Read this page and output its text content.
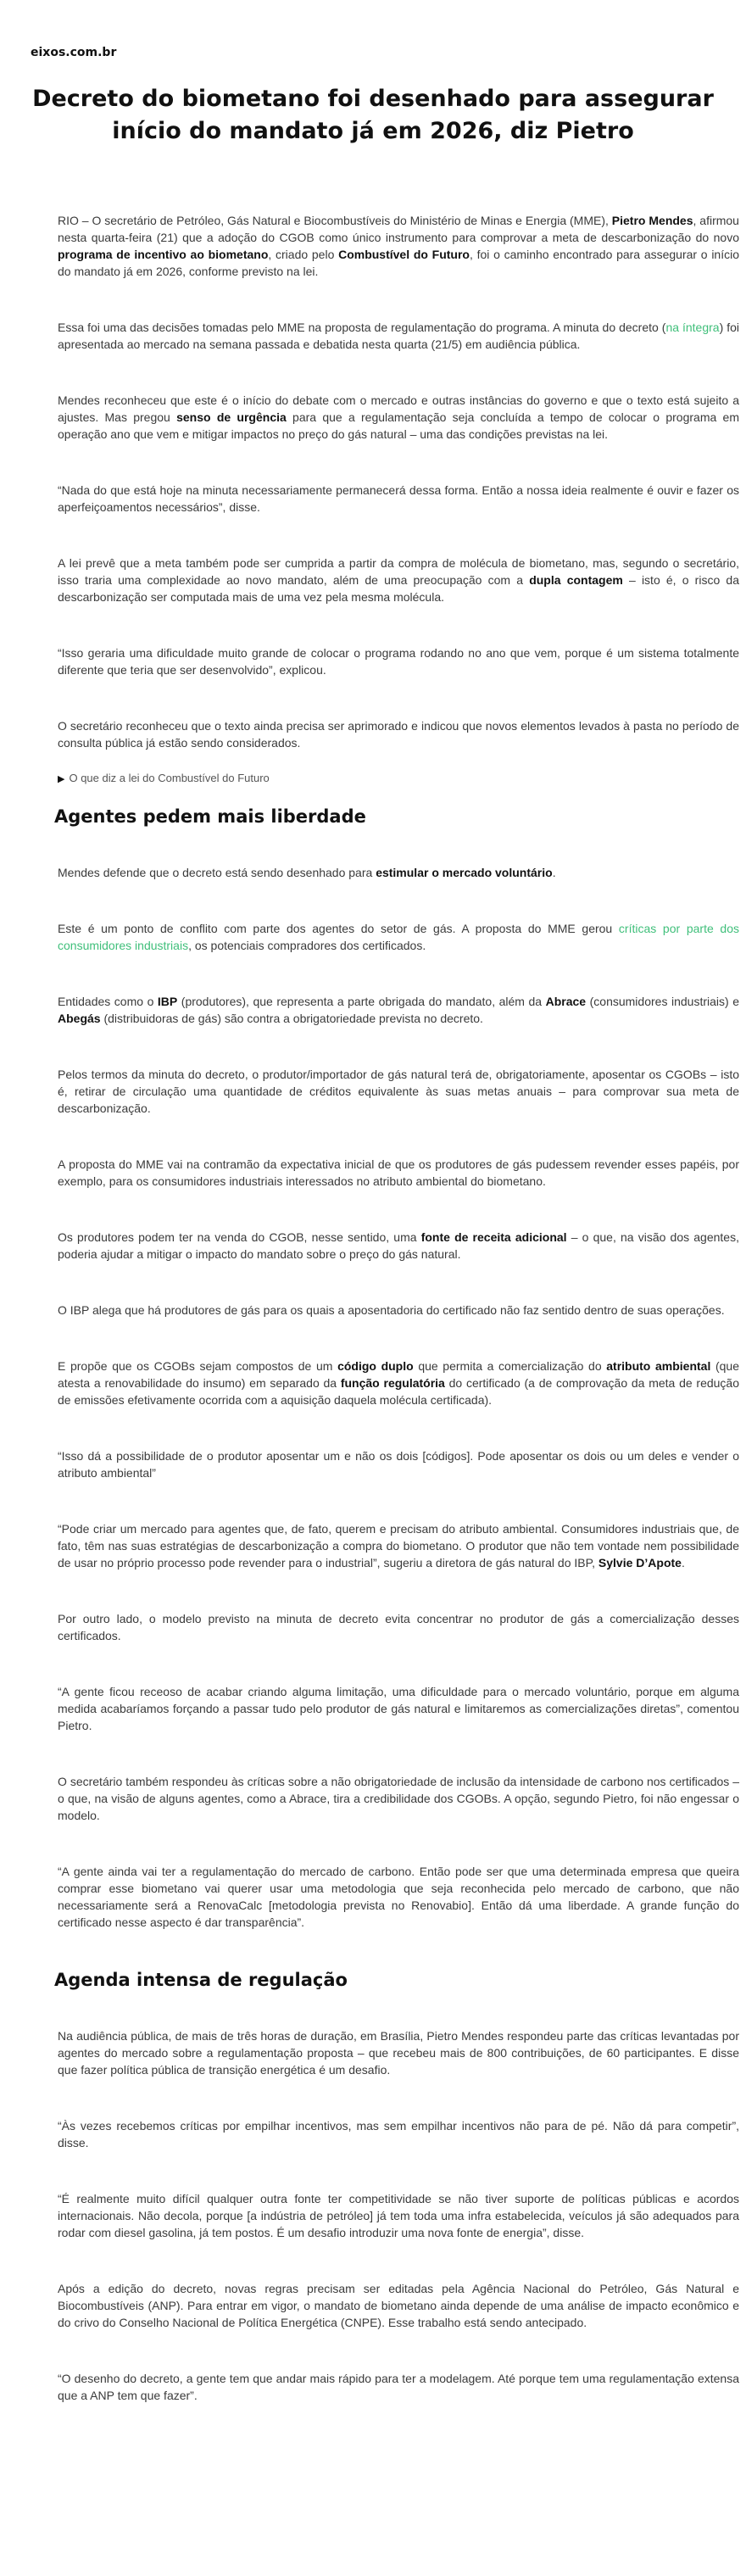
eixos.com.br
Decreto do biometano foi desenhado para assegurar início do mandato já em 2026, diz Pietro

RIO – O secretário de Petróleo, Gás Natural e Biocombustíveis do Ministério de Minas e Energia (MME), Pietro Mendes, afirmou nesta quarta-feira (21) que a adoção do CGOB como único instrumento para comprovar a meta de descarbonização do novo programa de incentivo ao biometano, criado pelo Combustível do Futuro, foi o caminho encontrado para assegurar o início do mandato já em 2026, conforme previsto na lei.

Essa foi uma das decisões tomadas pelo MME na proposta de regulamentação do programa. A minuta do decreto (na íntegra) foi apresentada ao mercado na semana passada e debatida nesta quarta (21/5) em audiência pública.

Mendes reconheceu que este é o início do debate com o mercado e outras instâncias do governo e que o texto está sujeito a ajustes. Mas pregou senso de urgência para que a regulamentação seja concluída a tempo de colocar o programa em operação ano que vem e mitigar impactos no preço do gás natural – uma das condições previstas na lei.

“Nada do que está hoje na minuta necessariamente permanecerá dessa forma. Então a nossa ideia realmente é ouvir e fazer os aperfeiçoamentos necessários”, disse.

A lei prevê que a meta também pode ser cumprida a partir da compra de molécula de biometano, mas, segundo o secretário, isso traria uma complexidade ao novo mandato, além de uma preocupação com a dupla contagem – isto é, o risco da descarbonização ser computada mais de uma vez pela mesma molécula.

“Isso geraria uma dificuldade muito grande de colocar o programa rodando no ano que vem, porque é um sistema totalmente diferente que teria que ser desenvolvido”, explicou.

O secretário reconheceu que o texto ainda precisa ser aprimorado e indicou que novos elementos levados à pasta no período de consulta pública já estão sendo considerados.

▶ O que diz a lei do Combustível do Futuro
Agentes pedem mais liberdade

Mendes defende que o decreto está sendo desenhado para estimular o mercado voluntário.

Este é um ponto de conflito com parte dos agentes do setor de gás. A proposta do MME gerou críticas por parte dos consumidores industriais, os potenciais compradores dos certificados.

Entidades como o IBP (produtores), que representa a parte obrigada do mandato, além da Abrace (consumidores industriais) e Abegás (distribuidoras de gás) são contra a obrigatoriedade prevista no decreto.

Pelos termos da minuta do decreto, o produtor/importador de gás natural terá de, obrigatoriamente, aposentar os CGOBs – isto é, retirar de circulação uma quantidade de créditos equivalente às suas metas anuais – para comprovar sua meta de descarbonização.

A proposta do MME vai na contramão da expectativa inicial de que os produtores de gás pudessem revender esses papéis, por exemplo, para os consumidores industriais interessados no atributo ambiental do biometano.

Os produtores podem ter na venda do CGOB, nesse sentido, uma fonte de receita adicional – o que, na visão dos agentes, poderia ajudar a mitigar o impacto do mandato sobre o preço do gás natural.

O IBP alega que há produtores de gás para os quais a aposentadoria do certificado não faz sentido dentro de suas operações.

E propõe que os CGOBs sejam compostos de um código duplo que permita a comercialização do atributo ambiental (que atesta a renovabilidade do insumo) em separado da função regulatória do certificado (a de comprovação da meta de redução de emissões efetivamente ocorrida com a aquisição daquela molécula certificada).

“Isso dá a possibilidade de o produtor aposentar um e não os dois [códigos]. Pode aposentar os dois ou um deles e vender o atributo ambiental”

“Pode criar um mercado para agentes que, de fato, querem e precisam do atributo ambiental. Consumidores industriais que, de fato, têm nas suas estratégias de descarbonização a compra do biometano. O produtor que não tem vontade nem possibilidade de usar no próprio processo pode revender para o industrial”, sugeriu a diretora de gás natural do IBP, Sylvie D’Apote.

Por outro lado, o modelo previsto na minuta de decreto evita concentrar no produtor de gás a comercialização desses certificados.

“A gente ficou receoso de acabar criando alguma limitação, uma dificuldade para o mercado voluntário, porque em alguma medida acabaríamos forçando a passar tudo pelo produtor de gás natural e limitaremos as comercializações diretas”, comentou Pietro.

O secretário também respondeu às críticas sobre a não obrigatoriedade de inclusão da intensidade de carbono nos certificados – o que, na visão de alguns agentes, como a Abrace, tira a credibilidade dos CGOBs. A opção, segundo Pietro, foi não engessar o modelo.

“A gente ainda vai ter a regulamentação do mercado de carbono. Então pode ser que uma determinada empresa que queira comprar esse biometano vai querer usar uma metodologia que seja reconhecida pelo mercado de carbono, que não necessariamente será a RenovaCalc [metodologia prevista no Renovabio]. Então dá uma liberdade. A grande função do certificado nesse aspecto é dar transparência”.

Agenda intensa de regulação

Na audiência pública, de mais de três horas de duração, em Brasília, Pietro Mendes respondeu parte das críticas levantadas por agentes do mercado sobre a regulamentação proposta – que recebeu mais de 800 contribuições, de 60 participantes. E disse que fazer política pública de transição energética é um desafio.

“Às vezes recebemos críticas por empilhar incentivos, mas sem empilhar incentivos não para de pé. Não dá para competir”, disse.

“É realmente muito difícil qualquer outra fonte ter competitividade se não tiver suporte de políticas públicas e acordos internacionais. Não decola, porque [a indústria de petróleo] já tem toda uma infra estabelecida, veículos já são adequados para rodar com diesel gasolina, já tem postos. É um desafio introduzir uma nova fonte de energia”, disse.

Após a edição do decreto, novas regras precisam ser editadas pela Agência Nacional do Petróleo, Gás Natural e Biocombustíveis (ANP). Para entrar em vigor, o mandato de biometano ainda depende de uma análise de impacto econômico e do crivo do Conselho Nacional de Política Energética (CNPE). Esse trabalho está sendo antecipado.

“O desenho do decreto, a gente tem que andar mais rápido para ter a modelagem. Até porque tem uma regulamentação extensa que a ANP tem que fazer”.
